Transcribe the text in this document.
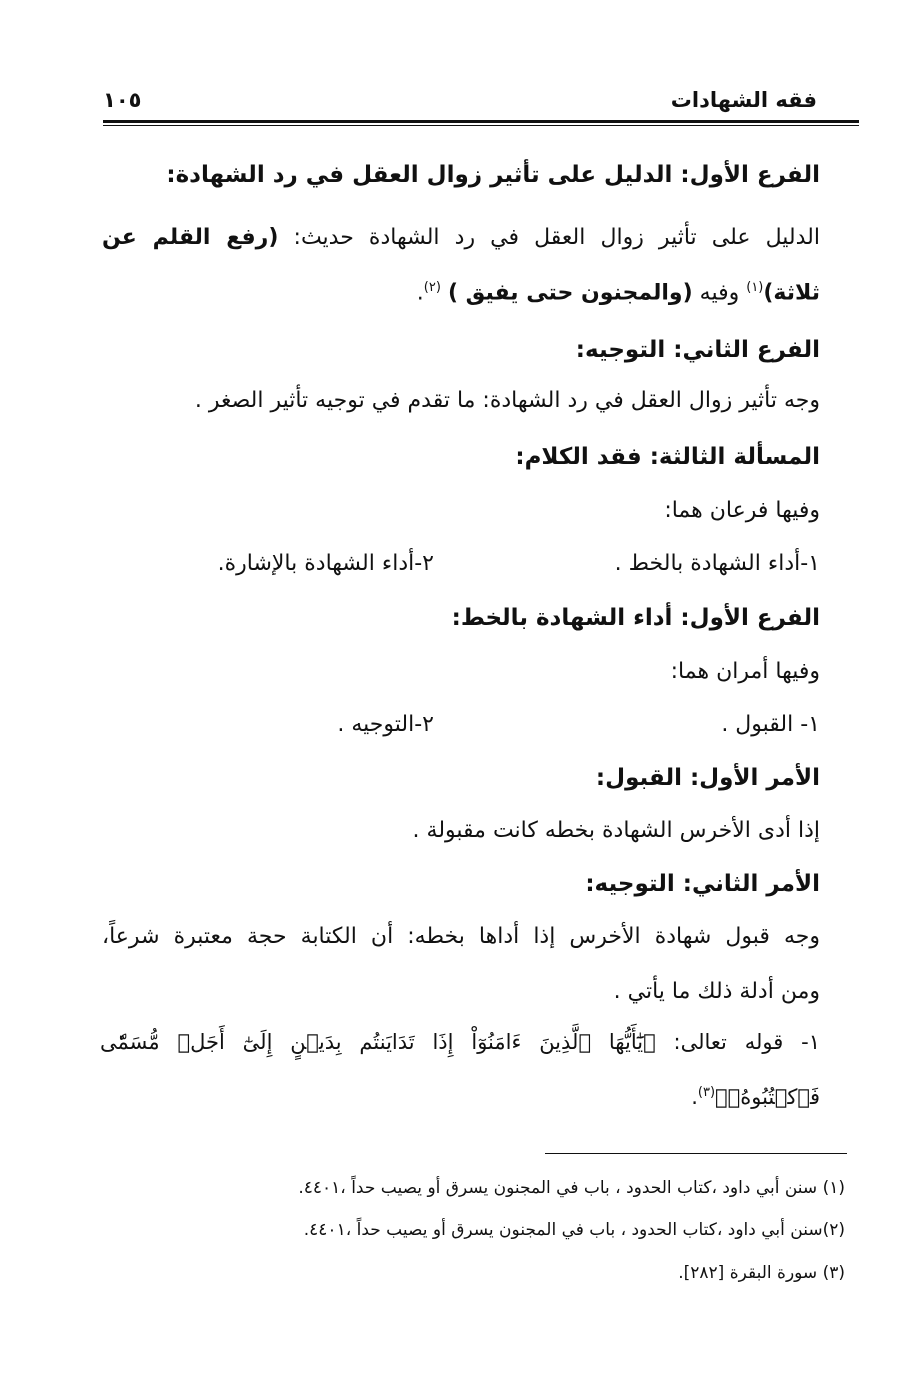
فقه الشهادات
١٠٥
الفرع الأول: الدليل على تأثير زوال العقل في رد الشهادة:
الدليل على تأثير زوال العقل في رد الشهادة حديث: (رفع القلم عن
ثلاثة)$^{(١)}$ وفيه (والمجنون حتى يفيق ) $^{(٢)}$.
الفرع الثاني: التوجيه:
وجه تأثير زوال العقل في رد الشهادة: ما تقدم في توجيه تأثير الصغر .
المسألة الثالثة: فقد الكلام:
وفيها فرعان هما:
١-أداء الشهادة بالخط .
٢-أداء الشهادة بالإشارة.
الفرع الأول: أداء الشهادة بالخط:
وفيها أمران هما:
١- القبول .
٢-التوجيه .
الأمر الأول: القبول:
إذا أدى الأخرس الشهادة بخطه كانت مقبولة .
الأمر الثاني: التوجيه:
وجه قبول شهادة الأخرس إذا أداها بخطه: أن الكتابة حجة معتبرة شرعاً،
ومن أدلة ذلك ما يأتي .
١- قوله تعالى: ﴿يَٰٓأَيُّهَا ٱلَّذِينَ ءَامَنُوٓاْ إِذَا تَدَايَنتُم بِدَيۡنٍ إِلَىٰٓ أَجَلٖ مُّسَمّٗى
فَٱكۡتُبُوهُۚ﴾$^{(٣)}$.
(١) سنن أبي داود ،كتاب الحدود ، باب في المجنون يسرق أو يصيب حداً ،٤٤٠١.
(٢)سنن أبي داود ،كتاب الحدود ، باب في المجنون يسرق أو يصيب حداً ،٤٤٠١.
(٣) سورة البقرة [٢٨٢].
